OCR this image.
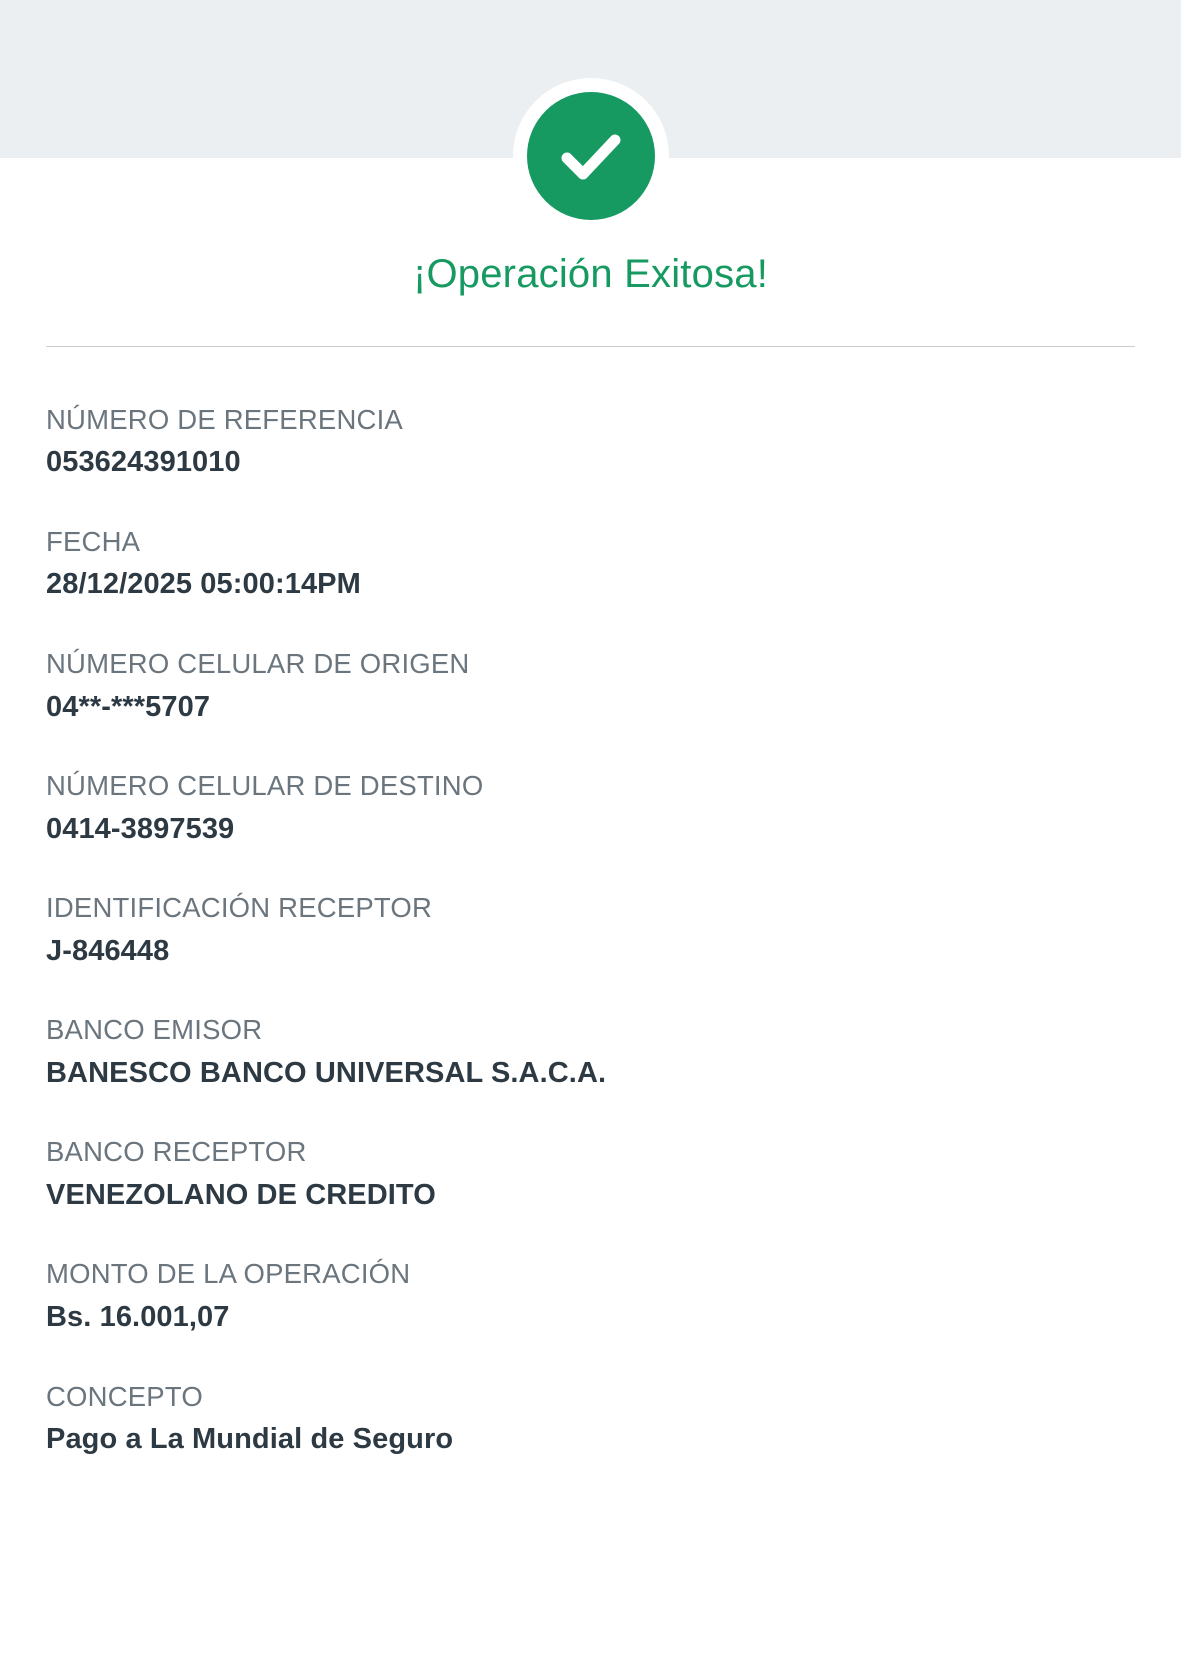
¡Operación Exitosa!
NÚMERO DE REFERENCIA
053624391010
FECHA
28/12/2025 05:00:14PM
NÚMERO CELULAR DE ORIGEN
04**-***5707
NÚMERO CELULAR DE DESTINO
0414-3897539
IDENTIFICACIÓN RECEPTOR
J-846448
BANCO EMISOR
BANESCO BANCO UNIVERSAL S.A.C.A.
BANCO RECEPTOR
VENEZOLANO DE CREDITO
MONTO DE LA OPERACIÓN
Bs. 16.001,07
CONCEPTO
Pago a La Mundial de Seguro
